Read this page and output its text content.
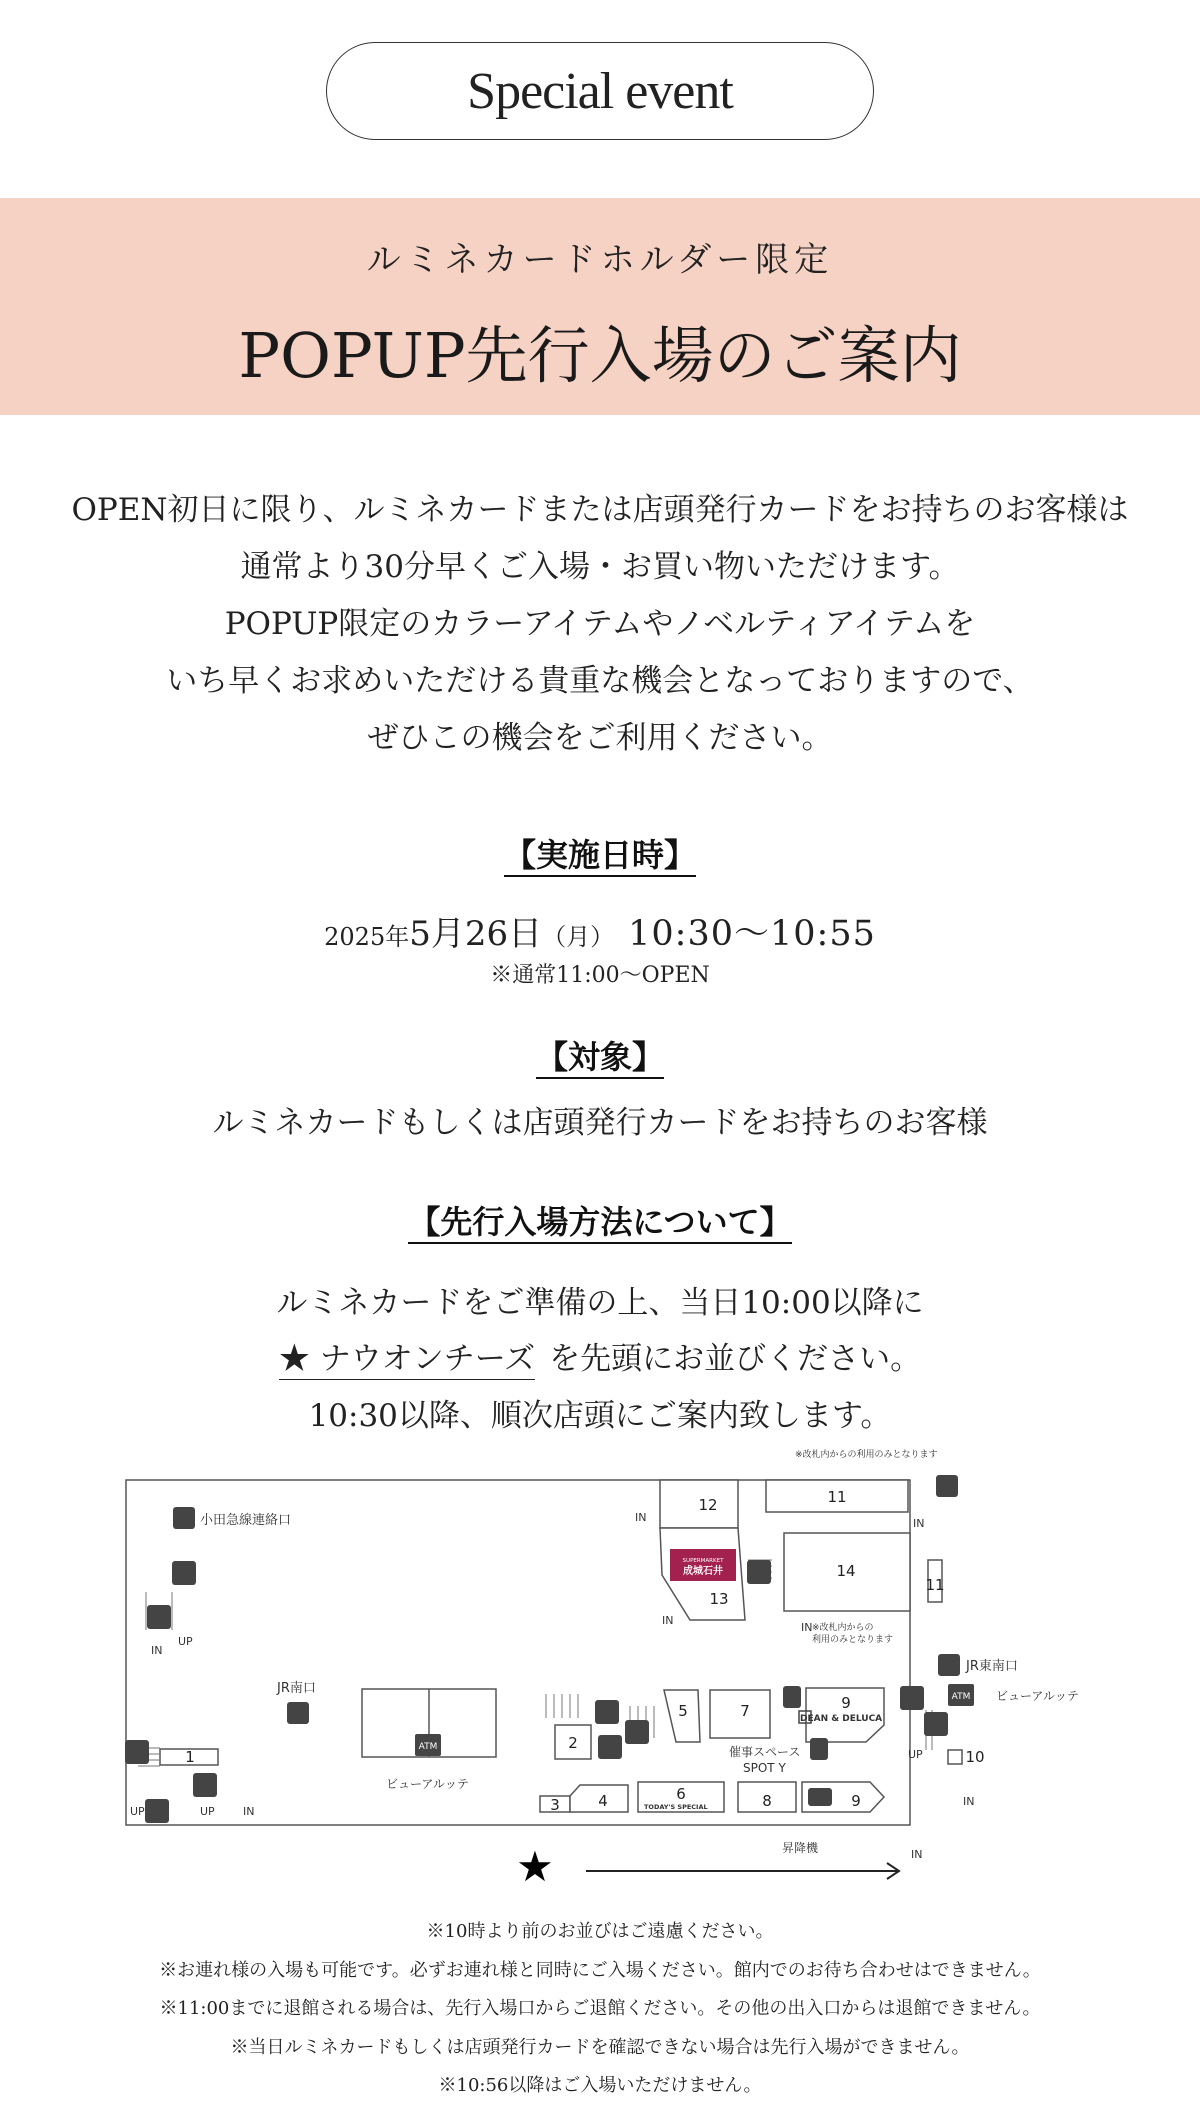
Special event
ルミネカードホルダー限定
POPUP先行入場のご案内
OPEN初日に限り、ルミネカードまたは店頭発行カードをお持ちのお客様は
通常より30分早くご入場・お買い物いただけます。
POPUP限定のカラーアイテムやノベルティアイテムを
いち早くお求めいただける貴重な機会となっておりますので、
ぜひこの機会をご利用ください。
【実施日時】
2025年5月26日（月） 10:30〜10:55
※通常11:00〜OPEN
【対象】
ルミネカードもしくは店頭発行カードをお持ちのお客様
【先行入場方法について】
ルミネカードをご準備の上、当日10:00以降に
★ ナウオンチーズ を先頭にお並びください。
10:30以降、順次店頭にご案内致します。
SUPERMARKET
成城石井
ATM
ATM
1
2
3	4
5
6
7
8
9
9
10
11
11
12
13
14
※改札内からの利用のみとなります
小田急線連絡口
JR南口
JR東南口
ビューアルッテ
ビューアルッテ
催事スペース
SPOT Y
昇降機
※改札内からの
利用のみとなります
DEAN & DELUCA
TODAY'S SPECIAL
IN	IN
IN
IN
IN
IN
IN
IN
UP
UP
UP
UP
★
※10時より前のお並びはご遠慮ください。
※お連れ様の入場も可能です。必ずお連れ様と同時にご入場ください。館内でのお待ち合わせはできません。
※11:00までに退館される場合は、先行入場口からご退館ください。その他の出入口からは退館できません。
※当日ルミネカードもしくは店頭発行カードを確認できない場合は先行入場ができません。
※10:56以降はご入場いただけません。
